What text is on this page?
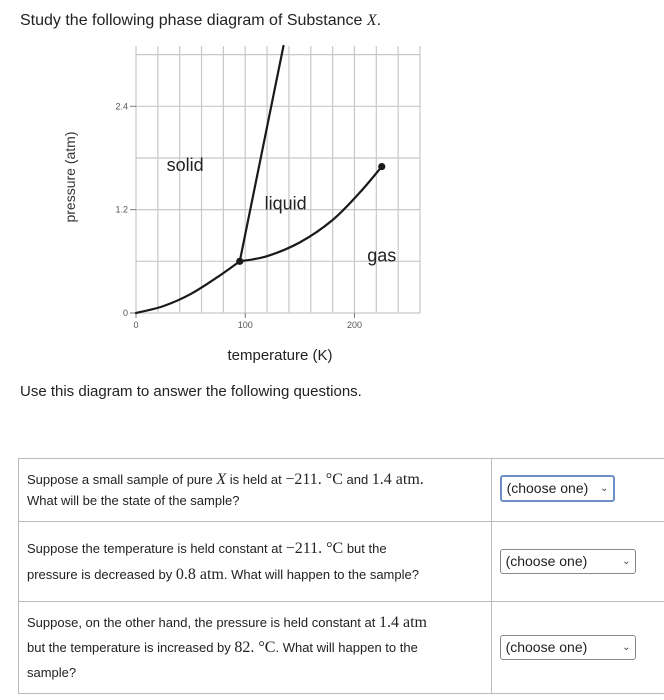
Study the following phase diagram of Substance X.
0	100	200
0
1.2
2.4
solid
liquid
gas
pressure (atm)
temperature (K)
Use this diagram to answer the following questions.
Suppose a small sample of pure X is held at −211. °C and 1.4 atm.
What will be the state of the sample?	(choose one) ⌄

Suppose the temperature is held constant at −211. °C but the
pressure is decreased by 0.8 atm. What will happen to the sample?	(choose one) ⌄

Suppose, on the other hand, the pressure is held constant at 1.4 atm
but the temperature is increased by 82. °C. What will happen to the
sample?	(choose one) ⌄
